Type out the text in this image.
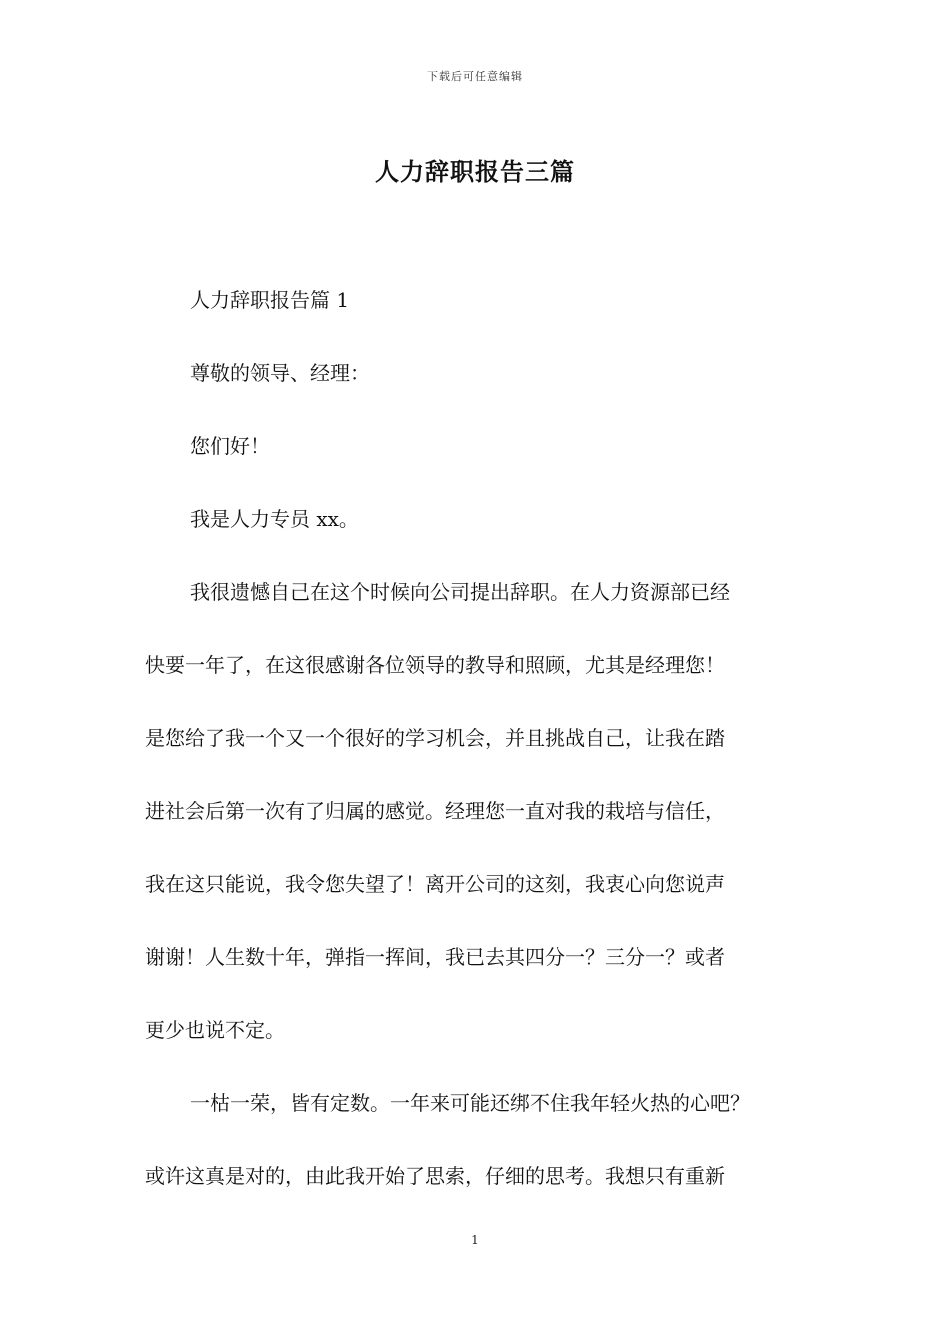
下载后可任意编辑
人力辞职报告三篇
人力辞职报告篇 1
尊敬的领导、经理：
您们好！
我是人力专员 xx。
我很遗憾自己在这个时候向公司提出辞职。在人力资源部已经
快要一年了，在这很感谢各位领导的教导和照顾，尤其是经理您！
是您给了我一个又一个很好的学习机会，并且挑战自己，让我在踏
进社会后第一次有了归属的感觉。经理您一直对我的栽培与信任，
我在这只能说，我令您失望了！离开公司的这刻，我衷心向您说声
谢谢！人生数十年，弹指一挥间，我已去其四分一？三分一？或者
更少也说不定。
一枯一荣，皆有定数。一年来可能还绑不住我年轻火热的心吧？
或许这真是对的，由此我开始了思索，仔细的思考。我想只有重新
1
